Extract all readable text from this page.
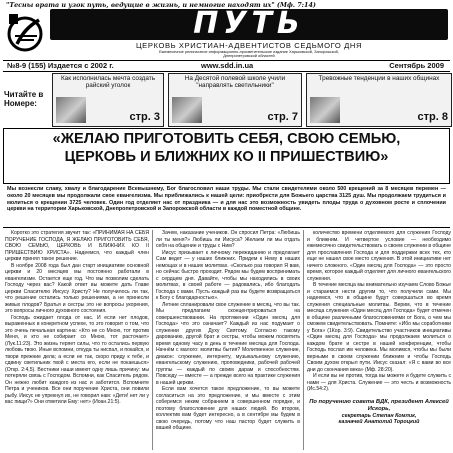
"Тесны врата и узок путь, ведущие в жизнь, и немногие находят их" (Мф. 7:14)
ПУТЬ
ЦЕРКОВЬ ХРИСТИАН-АДВЕНТИСТОВ СЕДЬМОГО ДНЯ
Ежемесячное религиозное информационно-просветительское издание Харьковской, Запорожской,
Днепропетровской областей
№8-9 (155) Издается с 2002 г.	www.sdd.in.ua	Сентябрь 2009
Читайте в Номере:
Как исполнилась мечта создать райский уголок
стр. 3
На Десятой полевой школе учили "направлять светильники"
стр. 7
Тревожные тенденции в наших общинах
стр. 8
«ЖЕЛАЮ ПРИГОТОВИТЬ СЕБЯ, СВОЮ СЕМЬЮ,
ЦЕРКОВЬ И БЛИЖНИХ КО II ПРИШЕСТВИЮ»
Мы вознесли славу, хвалу и благодарение Всевышнему, Бог благословил наши труды. Мы стали свидетелями около 500 крещений за 8 месяцев перемен — около 20 месяцев мы продолжали свое евангелизма. Мы приближались к нашей цели: приобрести для Божьего царства 3125 душ. Мы продолжаем трудиться и молиться о крещении 3725 человек. Один год отделяет нас от праздника — и для нас это возможность увидеть плоды труда о духовном росте и сплочении церкви на территории Харьковской, Днепропетровской и Запорожской области в каждой поместной общине.

Коротко это стратегия звучит так: «ПРИНИМАЯ НА СЕБЯ ПОРУЧЕНИЕ ГОСПОДА, Я ЖЕЛАЮ ПРИГОТОВИТЬ СЕБЯ, СВОЮ СЕМЬЮ, ЦЕРКОВЬ И БЛИЖНИХ КО II ПРИШЕСТВИЮ ХРИСТА». Надеемся, что каждый член церкви принял такое решение.

В ноябре 2008 года был дан старт инициативе основной церкви и 20 месяцев мы постоянно работали в евангелизме. Остается еще год. Что мы позволим сделать Господу через вас? Какой ответ вы можете дать Главе церкви Спасителю Иисусу Христу? Не получилось ли так, что решение остались только решениями, а не принесли живых плодов? Братья и сестры это не вопросы укорения, это вопросы личного духовного состояния.

Господь ожидает плода от нас. И если нет плодов, выраженных в конкретном успехе, то это говорит о том, что это очень печальная картина: «Кто не со Мною, тот против Меня, и кто не собирает со Мною, тот расточает» (Лук.11:23). Это жизнь теряет силы, что то остались первую любовь твою. Иные вспомни, откуда ты ниспал, и покайся, и твори прежние дела; а если не так, скоро приду к тебе, и сдвину светильник твой с места его, если не покаешься» (Откр. 2:4,5). Вестники наши имеют одну лишь причину: мы потеряли связь с Господом. Вспомни, как Спаситель рядом. Он нежно любит каждого из нас и заботится. Вспомните Петра и учеников. Все они поручение Христа, они ловили рыбу. Иисус не упрекнул их, не говорил нам: «Дети! нет ли у вас пищи?» Они ответили Ему: нет» (Иоан.21:5).

Зачем, наказание учеников. Он спросил Петра: «Любишь ли ты меня?» Любишь ли Иисуса? Желаем ли мы отдать себя на общение и труды с Ним?

Иисус призывает к личному пережиданию и предлагает Сам ведет — у наших ближних. Придем к Нему в наших немощах и в наших молитвах. «Сколько раз говорил Я вам, но сейчас быстро проходит. Рядом мы будем воспринимать с сердцем дня. Давайте, чтобы мы находились в своих молитвах, в своей работе — радовались, ибо благодать Господа с вами. Пусть каждый раз вы будете возвращаться к Богу с благодарностью».

Летние спланировали свое служение в месяц, что вы так. Мы предлагаем сконцентрироваться на совершенствовании. На протяжении «Один месяц для Господа» что это означает? Каждый из нас подумает о служении других Духу Святому. Согласно такому дарованию, другой брат и сестры, чтобы можем посвятить время одному часу в день в течение месяца для Господа. Начнём с малого: молитвы бытия? Молитвенное служение, диакон: служение, интернету, музыкальному служению, евангельскому служению, проповедники, рабочей рабочей группы — каждый по своим дарам и способностям. Повсюду — вместе — а прежде всего на практике служения в нашей церкви.

Если вам хочется такое предложение, то вы можете согласиться на это предложение, и мы вместе с этим соберемся неким собранием в совершенном порядке, и поэтому благословение для наших людей. Во втором, коллектив вам будет интересно, а в сентябре мы будем в свою очередь, потому что наш пастор будет служить в вашей общине.

количество времени отделяемого для служения Господу и ближним. И четвертое условие — необходимо ежемесячно свидетельствовать о своем служении в общине для прославления Господа и для поддержки всех тех, кто еще не нашел свое место служения. В этой инициативе нет ничего сложного. «Один месяц для Господа» — это просто время, которое каждый отделяет для личного евангельского служения.

В течение месяца мы внимательно изучаем Слово Божье и стараемся нести другим то, что получили сами. Мы надеемся, что в общине будут совершаться во время служения специальные молитвы. Верим, что в течение месяца служения «Один месяц для Господа» будет отмечен в общине различными благословениями от Бога, о чем мы сможем свидетельствовать. Помните: «Ибо мы соработники у Бога» (1Кор. 3:9). Свидетельство участников инициативы «Один месяц для Господа» мы продолжаем молиться о каждом брате и сестре в нашей конференции, чтобы Господь послал им человека. Мы молимся, чтобы мы были верными в своем служении ближним и чтобы Господь Своим духом открыл пути. Иисус сказал: «Я с вами во все дни до скончания века» (Мф. 28:20).

И если вы не против, тогда вы можете и будете служить с нами — для Христа. Служение — это честь и возможность (Ис.54:2).

По поручению совета ВДК, президент Алексей Искорь,
секретарь Степан Комлик,
казначей Анатолий Тороцкий
